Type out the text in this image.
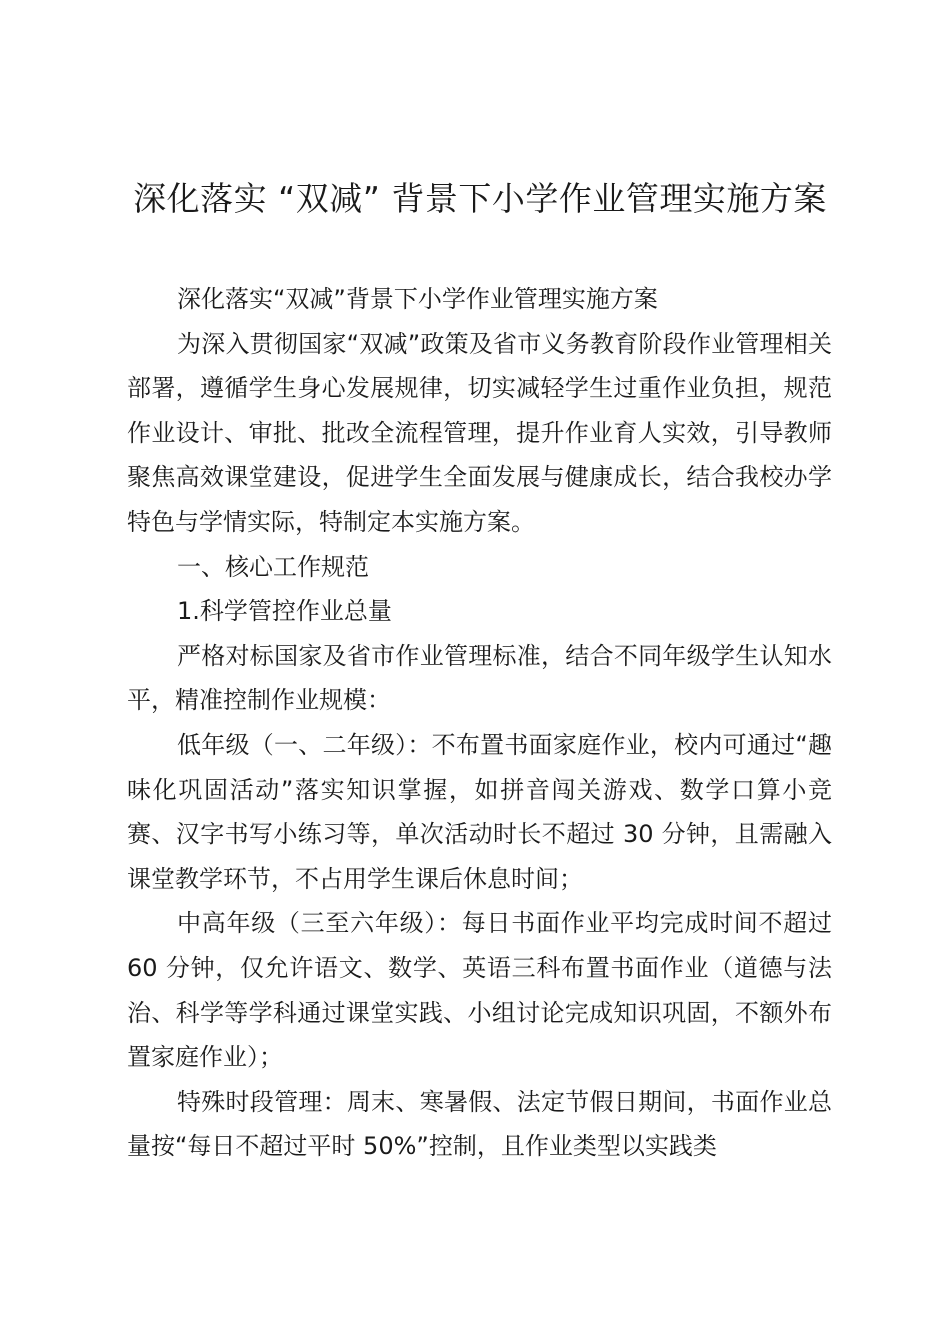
深化落实 “双减” 背景下小学作业管理实施方案

深化落实“双减”背景下小学作业管理实施方案

为深入贯彻国家“双减”政策及省市义务教育阶段作业管理相关部署，遵循学生身心发展规律，切实减轻学生过重作业负担，规范作业设计、审批、批改全流程管理，提升作业育人实效，引导教师聚焦高效课堂建设，促进学生全面发展与健康成长，结合我校办学特色与学情实际，特制定本实施方案。

一、核心工作规范

1.科学管控作业总量

严格对标国家及省市作业管理标准，结合不同年级学生认知水平，精准控制作业规模：

低年级（一、二年级）：不布置书面家庭作业，校内可通过“趣味化巩固活动”落实知识掌握，如拼音闯关游戏、数学口算小竞赛、汉字书写小练习等，单次活动时长不超过 30 分钟，且需融入课堂教学环节，不占用学生课后休息时间；

中高年级（三至六年级）：每日书面作业平均完成时间不超过 60 分钟，仅允许语文、数学、英语三科布置书面作业（道德与法治、科学等学科通过课堂实践、小组讨论完成知识巩固，不额外布置家庭作业）；

特殊时段管理：周末、寒暑假、法定节假日期间，书面作业总量按“每日不超过平时 50%”控制，且作业类型以实践类
